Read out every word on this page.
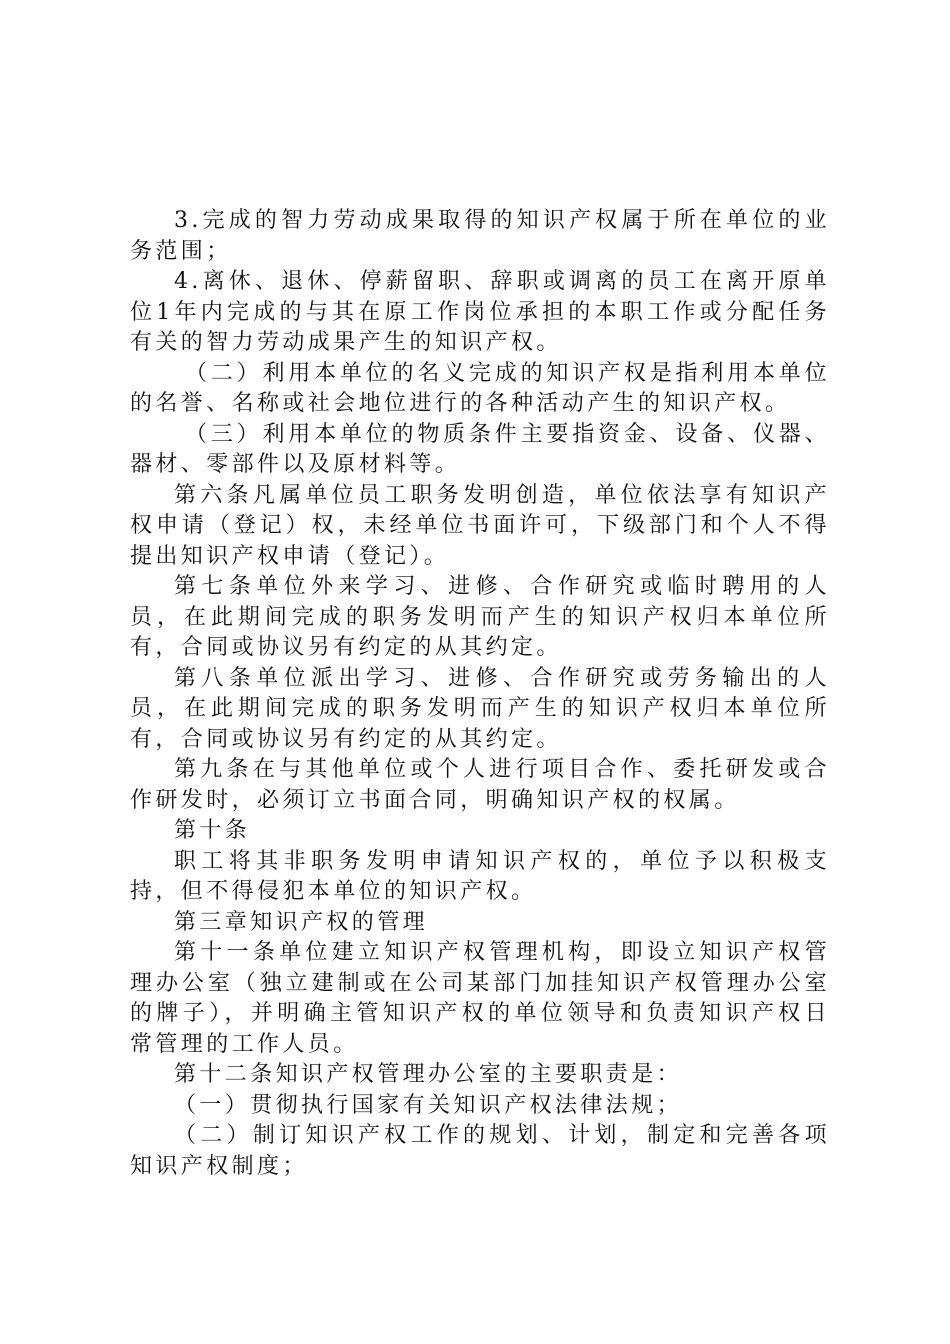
3.完成的智力劳动成果取得的知识产权属于所在单位的业务范围；

4.离休、退休、停薪留职、辞职或调离的员工在离开原单位1年内完成的与其在原工作岗位承担的本职工作或分配任务有关的智力劳动成果产生的知识产权。

（二）利用本单位的名义完成的知识产权是指利用本单位的名誉、名称或社会地位进行的各种活动产生的知识产权。

（三）利用本单位的物质条件主要指资金、设备、仪器、器材、零部件以及原材料等。

第六条凡属单位员工职务发明创造，单位依法享有知识产权申请（登记）权，未经单位书面许可，下级部门和个人不得提出知识产权申请（登记）。

第七条单位外来学习、进修、合作研究或临时聘用的人员，在此期间完成的职务发明而产生的知识产权归本单位所有，合同或协议另有约定的从其约定。

第八条单位派出学习、进修、合作研究或劳务输出的人员，在此期间完成的职务发明而产生的知识产权归本单位所有，合同或协议另有约定的从其约定。

第九条在与其他单位或个人进行项目合作、委托研发或合作研发时，必须订立书面合同，明确知识产权的权属。

第十条

职工将其非职务发明申请知识产权的，单位予以积极支持，但不得侵犯本单位的知识产权。

第三章知识产权的管理

第十一条单位建立知识产权管理机构，即设立知识产权管理办公室（独立建制或在公司某部门加挂知识产权管理办公室的牌子），并明确主管知识产权的单位领导和负责知识产权日常管理的工作人员。

第十二条知识产权管理办公室的主要职责是：

（一）贯彻执行国家有关知识产权法律法规；

（二）制订知识产权工作的规划、计划，制定和完善各项知识产权制度；
